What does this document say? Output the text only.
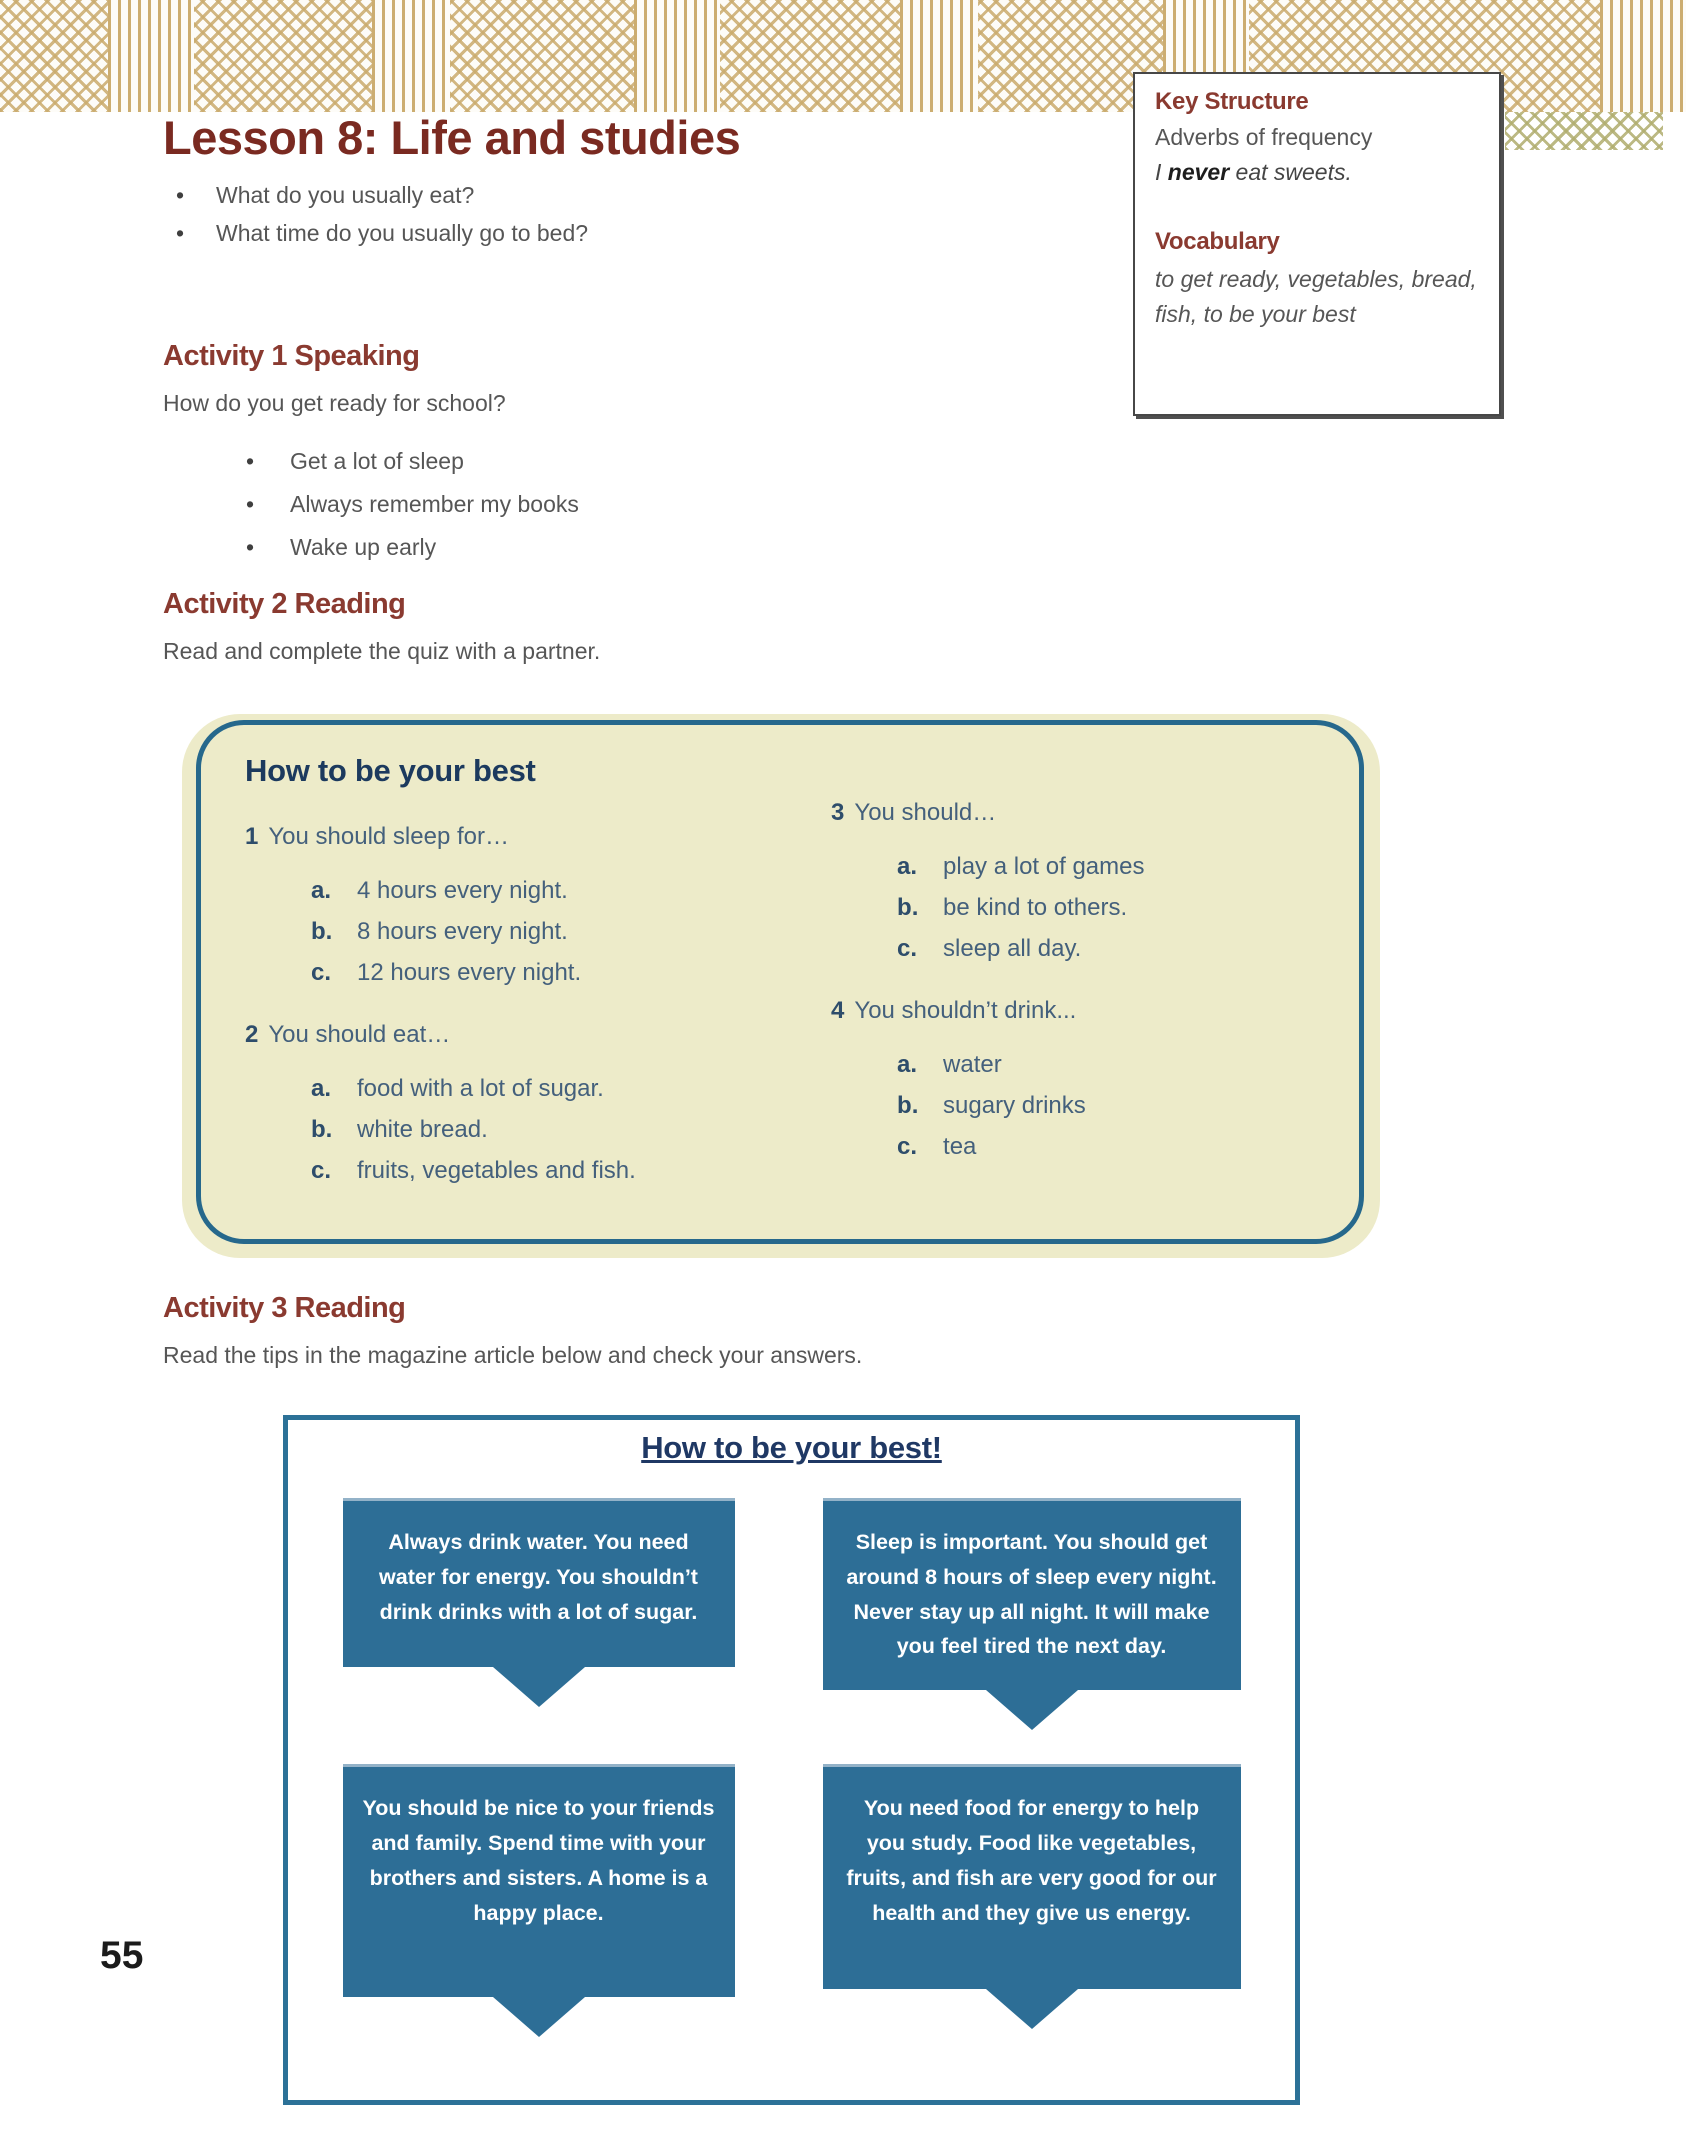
Lesson 8: Life and studies
• What do you usually eat?
• What time do you usually go to bed?
Key Structure

Adverbs of frequency

I never eat sweets.

Vocabulary

to get ready, vegetables, bread, fish, to be your best

Activity 1 Speaking

How do you get ready for school?

• Get a lot of sleep
• Always remember my books
• Wake up early
Activity 2 Reading

Read and complete the quiz with a partner.

How to be your best

1 You should sleep for…

a.	4 hours every night.
b.	8 hours every night.
c.	12 hours every night.

2 You should eat…

a.	food with a lot of sugar.
b.	white bread.
c.	fruits, vegetables and fish.

3 You should…

a.	play a lot of games
b.	be kind to others.
c.	sleep all day.

4 You shouldn’t drink...

a.	water
b.	sugary drinks
c.	tea
Activity 3 Reading

Read the tips in the magazine article below and check your answers.

How to be your best!
Always drink water. You need water for energy. You shouldn’t drink drinks with a lot of sugar.
Sleep is important. You should get around 8 hours of sleep every night. Never stay up all night. It will make you feel tired the next day.
You should be nice to your friends and family. Spend time with your brothers and sisters. A home is a happy place.
You need food for energy to help you study. Food like vegetables, fruits, and fish are very good for our health and they give us energy.

55
